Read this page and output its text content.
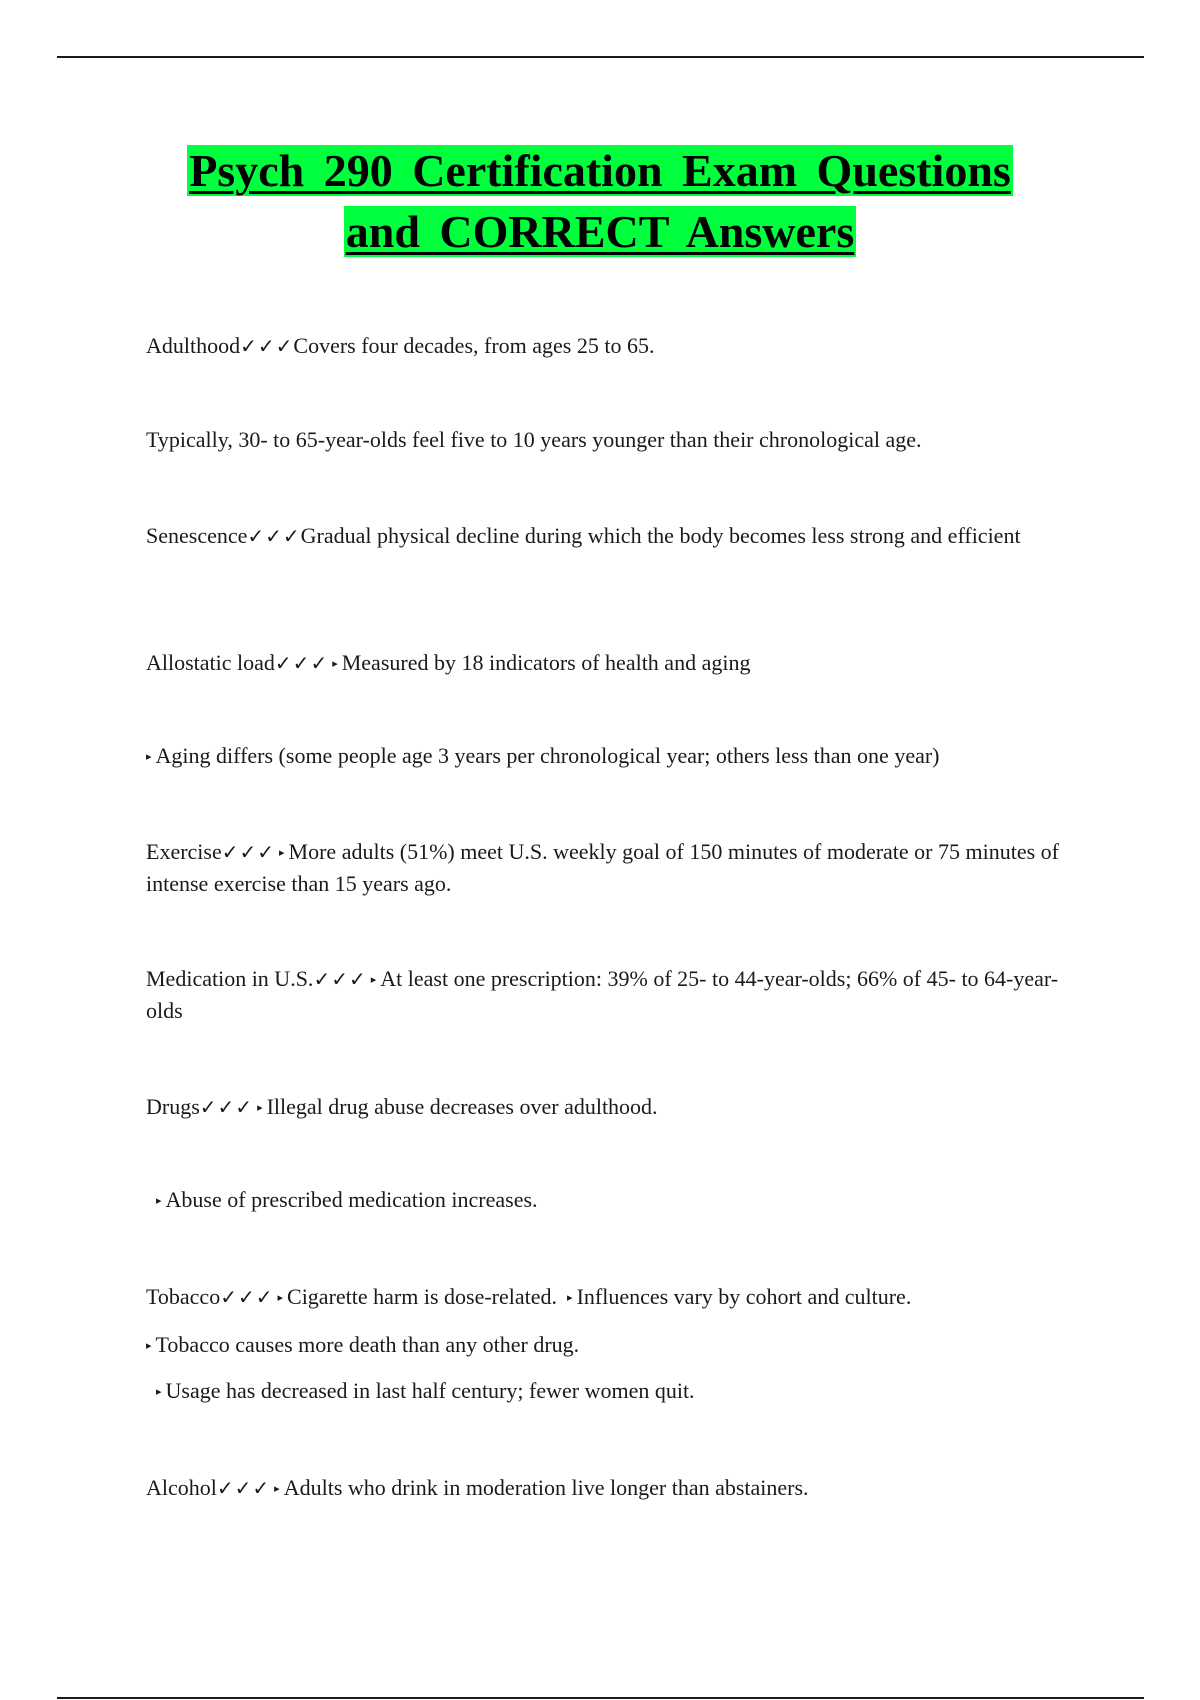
Psych 290 Certification Exam Questions
and CORRECT Answers

Adulthood✓✓✓Covers four decades, from ages 25 to 65.

Typically, 30- to 65-year-olds feel five to 10 years younger than their chronological age.

Senescence✓✓✓Gradual physical decline during which the body becomes less strong and efficient

Allostatic load✓✓✓ ▸ Measured by 18 indicators of health and aging

▸ Aging differs (some people age 3 years per chronological year; others less than one year)

Exercise✓✓✓ ▸ More adults (51%) meet U.S. weekly goal of 150 minutes of moderate or 75 minutes of intense exercise than 15 years ago.

Medication in U.S.✓✓✓ ▸ At least one prescription: 39% of 25- to 44-year-olds; 66% of 45- to 64-year-olds

Drugs✓✓✓ ▸ Illegal drug abuse decreases over adulthood.

▸ Abuse of prescribed medication increases.

Tobacco✓✓✓ ▸ Cigarette harm is dose-related. ▸ Influences vary by cohort and culture.

▸ Tobacco causes more death than any other drug.

▸ Usage has decreased in last half century; fewer women quit.

Alcohol✓✓✓ ▸ Adults who drink in moderation live longer than abstainers.
